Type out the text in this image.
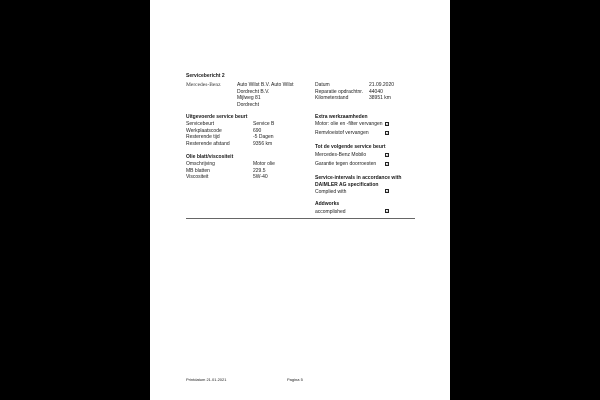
Servicebericht 2
Mercedes-Benz	Auto Wilst B.V. Auto Wilst
Dordrecht B.V.
Mijlweg 81
Dordrecht
Datum	21.09.2020
Reparatie opdrachtnr. 44040
Kilometerstand	38951 km
Uitgevoerde service beurt
Servicebeurt	Service B
Werkplaatscode	690
Resterende tijd	-5 Dagen
Resterende afstand	9356 km
Olie blatt/viscositeit
Omschrijving	Motor olie
MB blatten	229.5
Viscositeit	5W-40
Extra werkzaamheden
Motor: olie en -filter vervangen
Remvloeistof vervangen
Tot de volgende service beurt
Mercedes-Benz Mobilo
Garantie tegen doorroesten
Service-intervals in accordance with
DAIMLER AG specification
Complied with
Addworks
accomplished
Printdatum 21.01.2021	Pagina 5
